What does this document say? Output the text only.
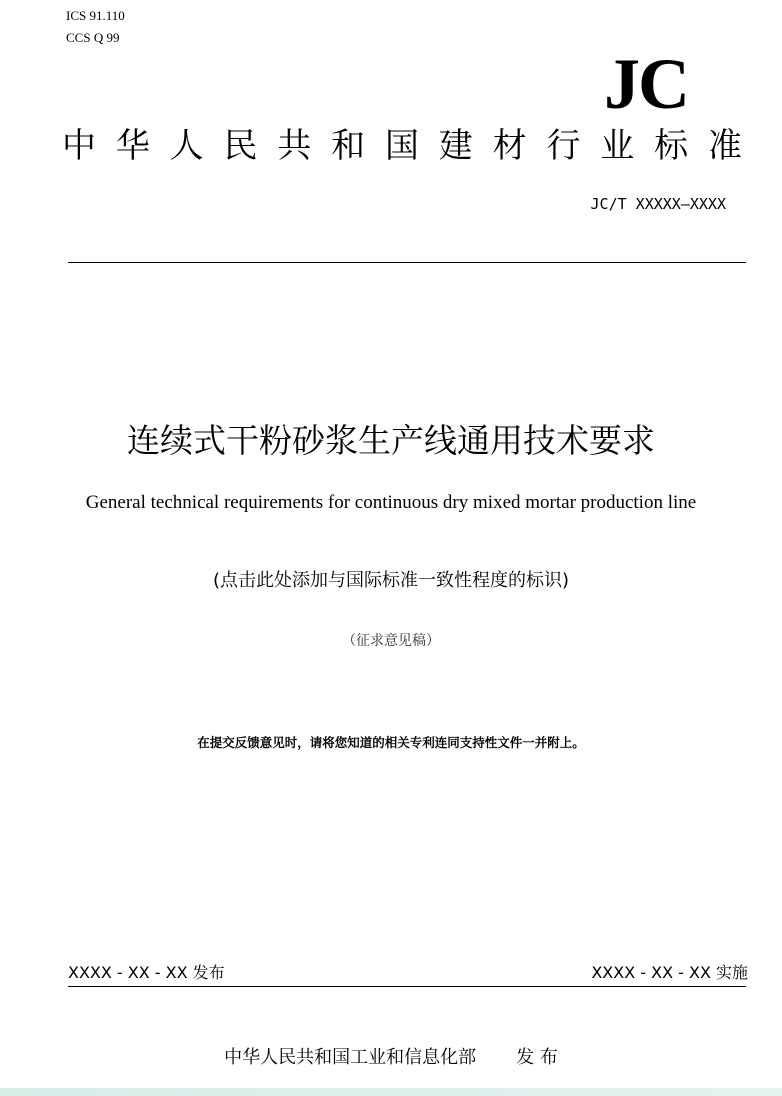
ICS 91.110
CCS Q 99
JC
中 华 人 民 共 和 国 建 材 行 业 标 准
JC/T XXXXX—XXXX
连续式干粉砂浆生产线通用技术要求
General technical requirements for continuous dry mixed mortar production line
(点击此处添加与国际标准一致性程度的标识)
（征求意见稿）
在提交反馈意见时，请将您知道的相关专利连同支持性文件一并附上。
XXXX - XX - XX 发布	XXXX - XX - XX 实施
中华人民共和国工业和信息化部 发 布
